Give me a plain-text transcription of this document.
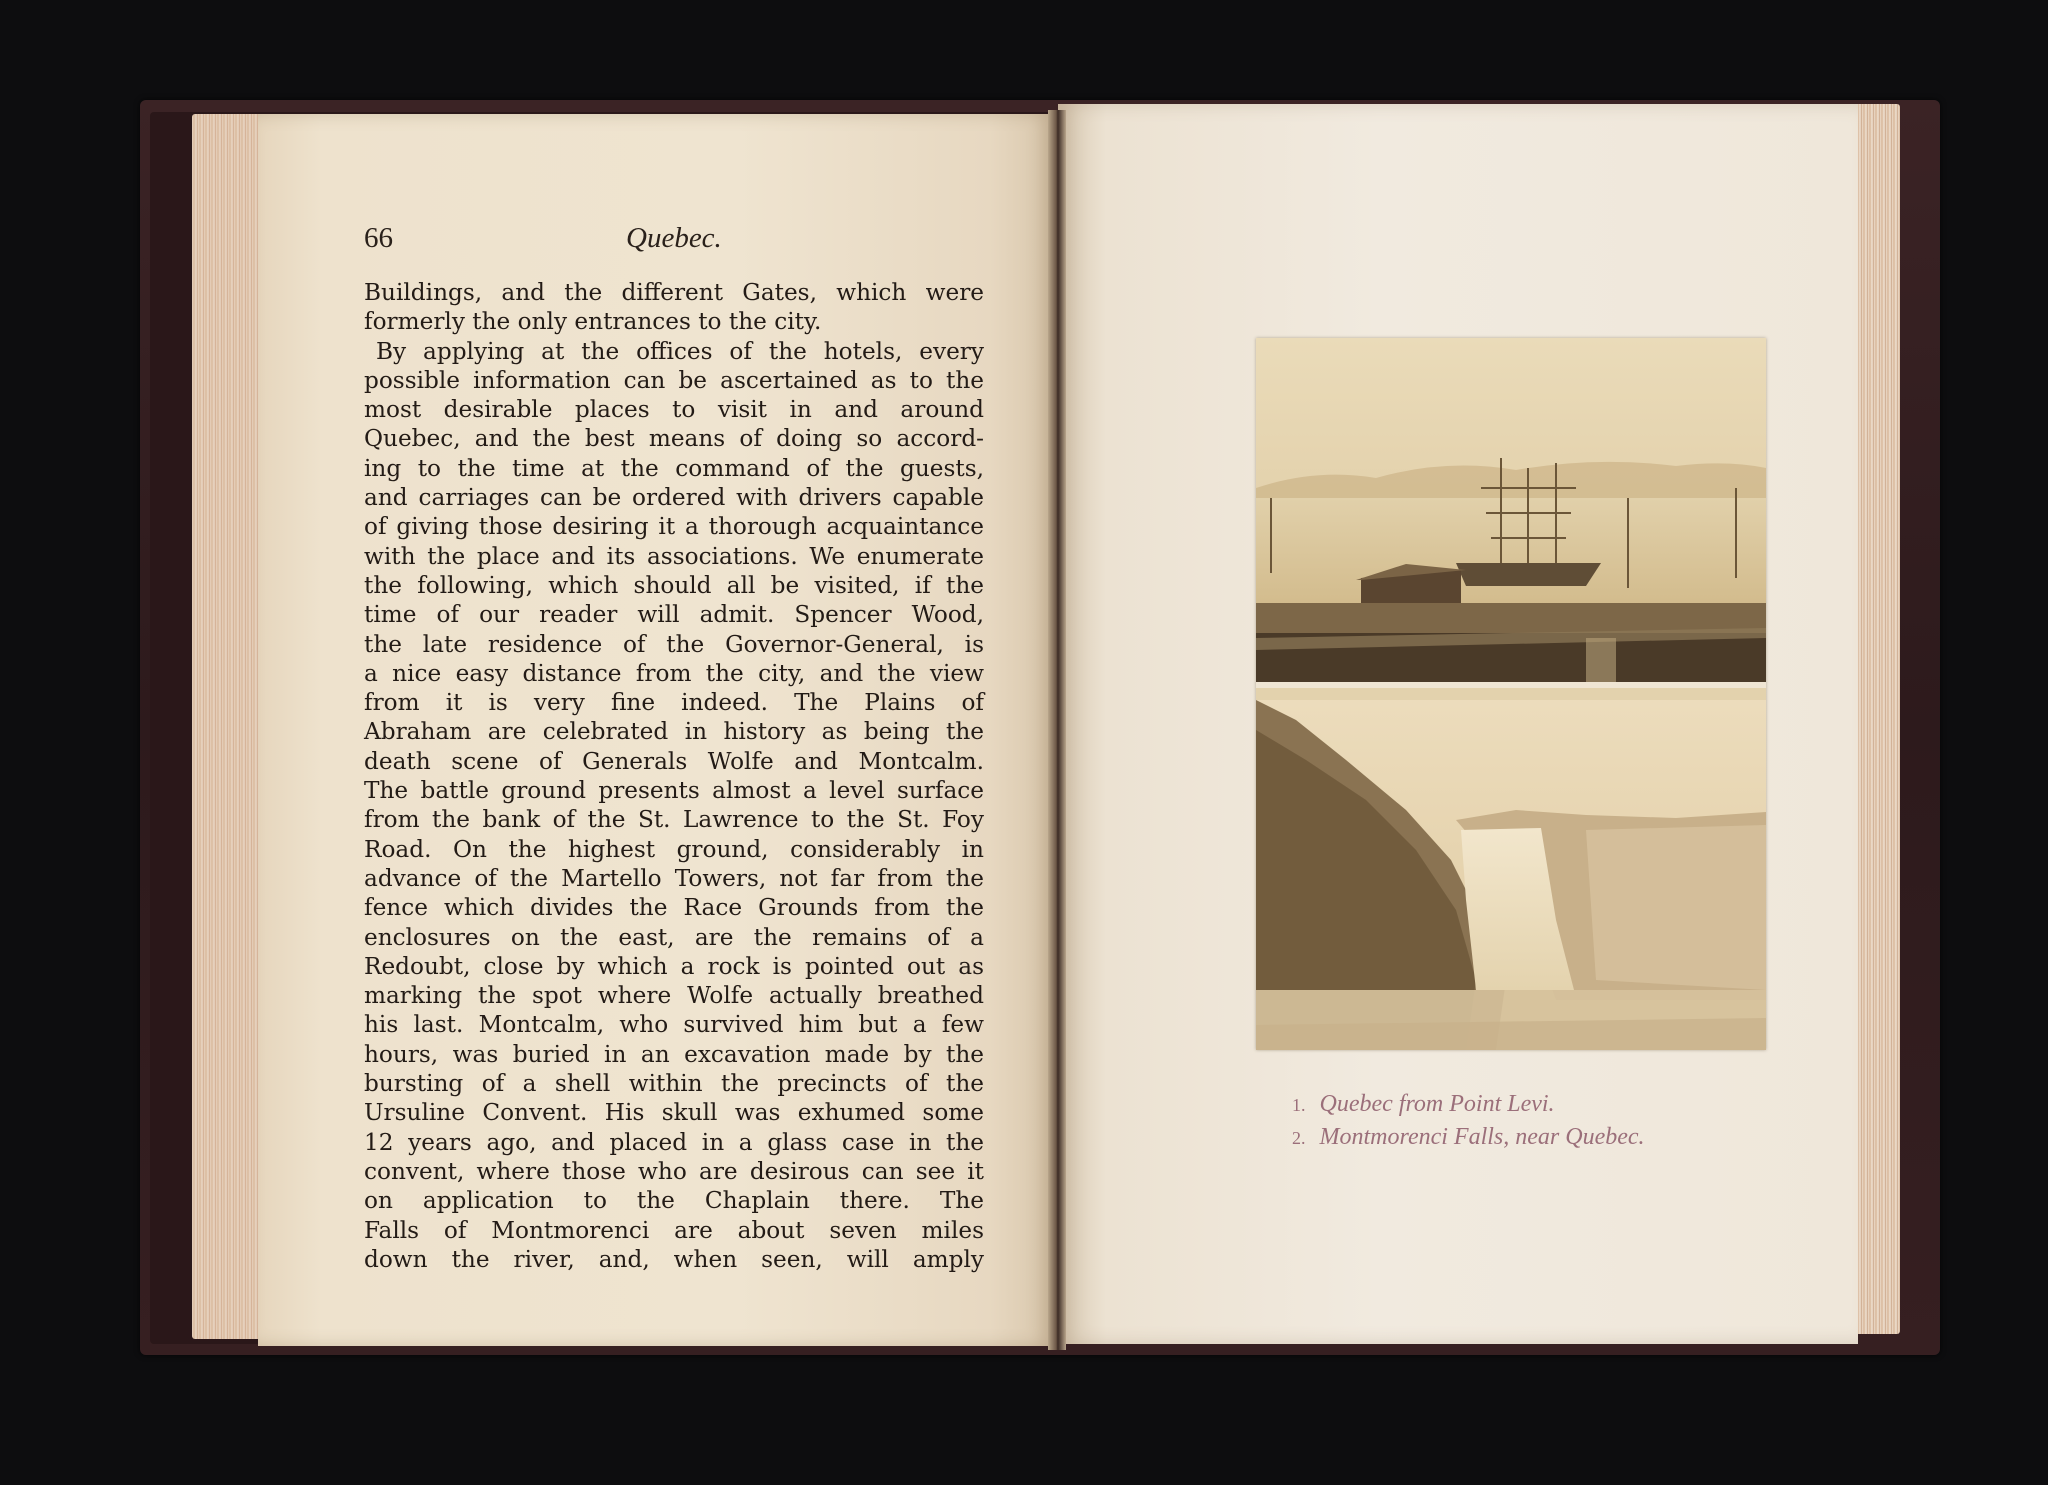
66	Quebec.
Buildings, and the different Gates, which were
formerly the only entrances to the city.
By applying at the offices of the hotels, every
possible information can be ascertained as to the
most desirable places to visit in and around
Quebec, and the best means of doing so accord-
ing to the time at the command of the guests,
and carriages can be ordered with drivers capable
of giving those desiring it a thorough acquaintance
with the place and its associations. We enumerate
the following, which should all be visited, if the
time of our reader will admit. Spencer Wood,
the late residence of the Governor-General, is
a nice easy distance from the city, and the view
from it is very fine indeed. The Plains of
Abraham are celebrated in history as being the
death scene of Generals Wolfe and Montcalm.
The battle ground presents almost a level surface
from the bank of the St. Lawrence to the St. Foy
Road. On the highest ground, considerably in
advance of the Martello Towers, not far from the
fence which divides the Race Grounds from the
enclosures on the east, are the remains of a
Redoubt, close by which a rock is pointed out as
marking the spot where Wolfe actually breathed
his last. Montcalm, who survived him but a few
hours, was buried in an excavation made by the
bursting of a shell within the precincts of the
Ursuline Convent. His skull was exhumed some
12 years ago, and placed in a glass case in the
convent, where those who are desirous can see it
on application to the Chaplain there. The
Falls of Montmorenci are about seven miles
down the river, and, when seen, will amply
1. Quebec from Point Levi.
2. Montmorenci Falls, near Quebec.
